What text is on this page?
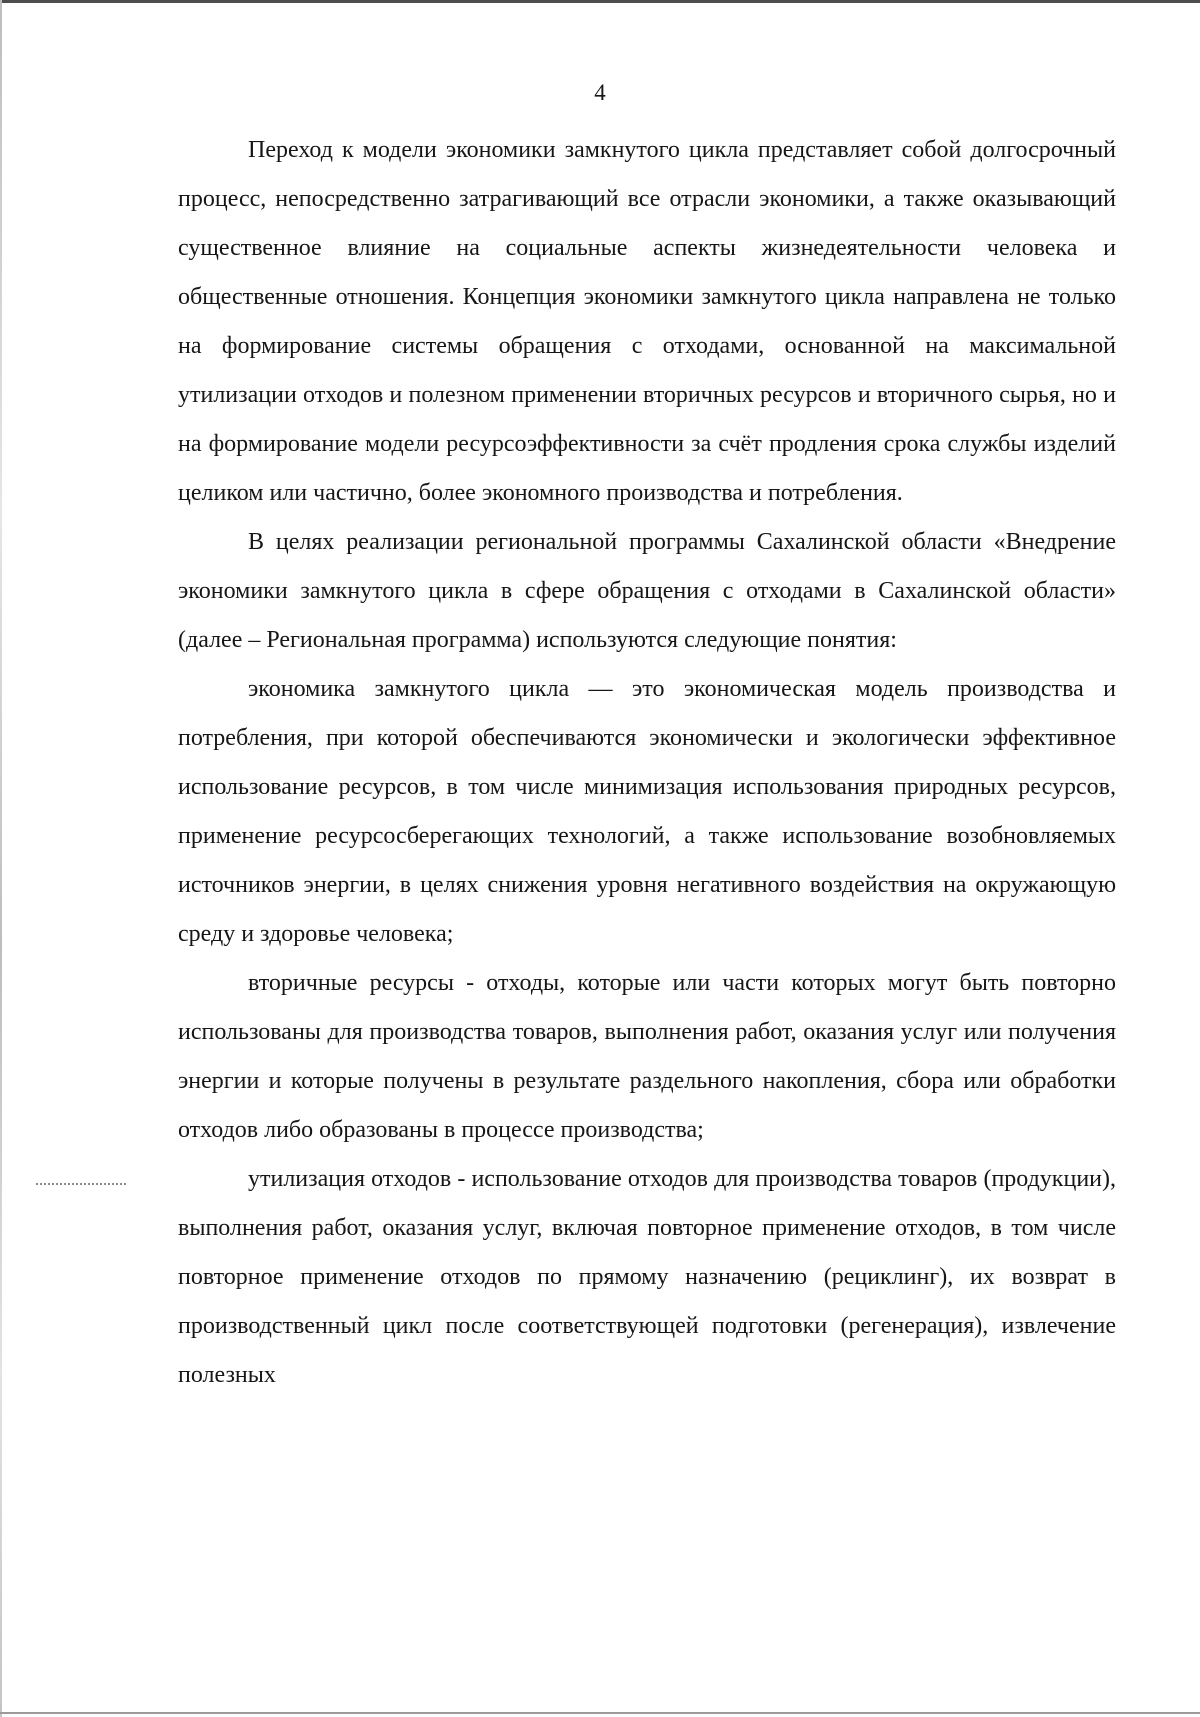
4

Переход к модели экономики замкнутого цикла представляет собой долгосрочный процесс, непосредственно затрагивающий все отрасли экономики, а также оказывающий существенное влияние на социальные аспекты жизнедеятельности человека и общественные отношения. Концепция экономики замкнутого цикла направлена не только на формирование системы обращения с отходами, основанной на максимальной утилизации отходов и полезном применении вторичных ресурсов и вторичного сырья, но и на формирование модели ресурсоэффективности за счёт продления срока службы изделий целиком или частично, более экономного производства и потребления.

В целях реализации региональной программы Сахалинской области «Внедрение экономики замкнутого цикла в сфере обращения с отходами в Сахалинской области» (далее – Региональная программа) используются следующие понятия:

экономика замкнутого цикла — это экономическая модель производства и потребления, при которой обеспечиваются экономически и экологически эффективное использование ресурсов, в том числе минимизация использования природных ресурсов, применение ресурсосберегающих технологий, а также использование возобновляемых источников энергии, в целях снижения уровня негативного воздействия на окружающую среду и здоровье человека;

вторичные ресурсы - отходы, которые или части которых могут быть повторно использованы для производства товаров, выполнения работ, оказания услуг или получения энергии и которые получены в результате раздельного накопления, сбора или обработки отходов либо образованы в процессе производства;

утилизация отходов - использование отходов для производства товаров (продукции), выполнения работ, оказания услуг, включая повторное применение отходов, в том числе повторное применение отходов по прямому назначению (рециклинг), их возврат в производственный цикл после соответствующей подготовки (регенерация), извлечение полезных
